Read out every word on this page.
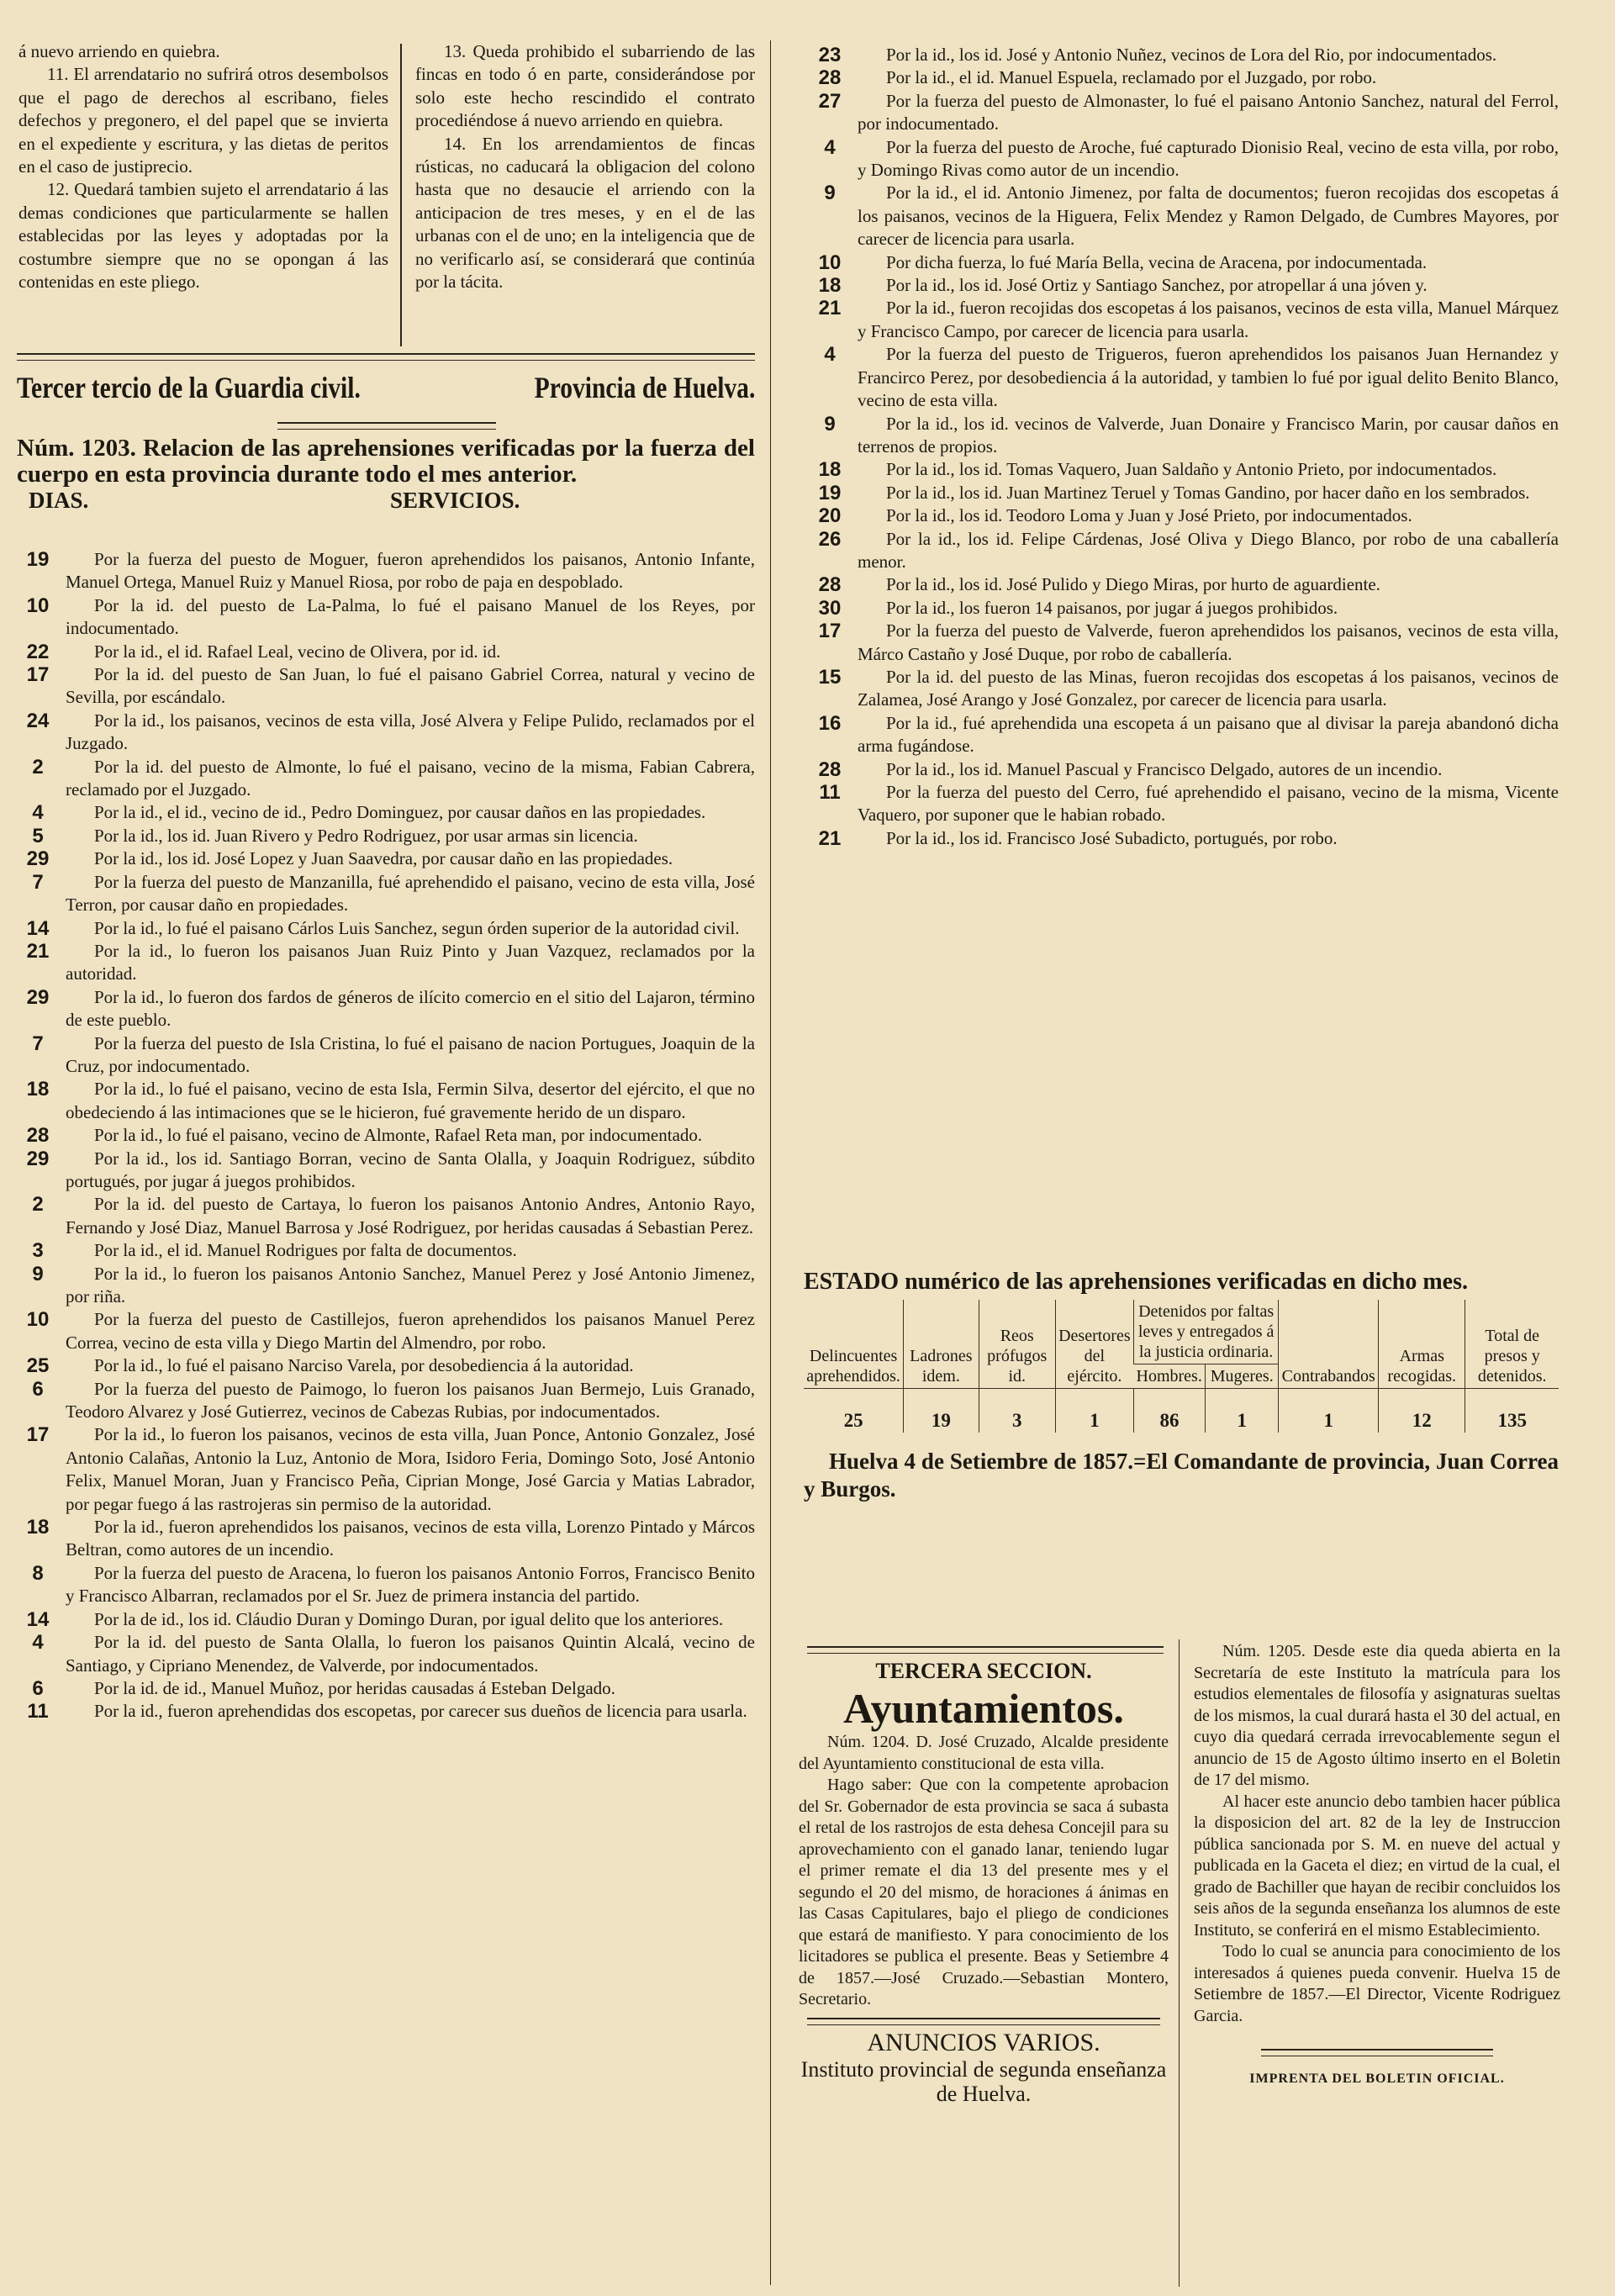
á nuevo arriendo en quiebra.

11. El arrendatario no sufrirá otros desembolsos que el pago de derechos al escribano, fieles defechos y pregonero, el del papel que se invierta en el expediente y escritura, y las dietas de peritos en el caso de justiprecio.

12. Quedará tambien sujeto el arrendatario á las demas condiciones que particularmente se hallen establecidas por las leyes y adoptadas por la costumbre siempre que no se opongan á las contenidas en este pliego.

13. Queda prohibido el subarriendo de las fincas en todo ó en parte, considerándose por solo este hecho rescindido el contrato procediéndose á nuevo arriendo en quiebra.

14. En los arrendamientos de fincas rústicas, no caducará la obligacion del colono hasta que no desaucie el arriendo con la anticipacion de tres meses, y en el de las urbanas con el de uno; en la inteligencia que de no verificarlo así, se considerará que continúa por la tácita.

Tercer tercio de la Guardia civil.	Provincia de Huelva.

Núm. 1203. Relacion de las aprehensiones verificadas por la fuerza del cuerpo en esta provincia durante todo el mes anterior.

DIAS.	SERVICIOS.
19	Por la fuerza del puesto de Moguer, fueron aprehendidos los paisanos, Antonio Infante, Manuel Ortega, Manuel Ruiz y Manuel Riosa, por robo de paja en despoblado.

10	Por la id. del puesto de La-Palma, lo fué el paisano Manuel de los Reyes, por indocumentado.

22	Por la id., el id. Rafael Leal, vecino de Olivera, por id. id.

17	Por la id. del puesto de San Juan, lo fué el paisano Gabriel Correa, natural y vecino de Sevilla, por escándalo.

24	Por la id., los paisanos, vecinos de esta villa, José Alvera y Felipe Pulido, reclamados por el Juzgado.

2	Por la id. del puesto de Almonte, lo fué el paisano, vecino de la misma, Fabian Cabrera, reclamado por el Juzgado.

4	Por la id., el id., vecino de id., Pedro Dominguez, por causar daños en las propiedades.

5	Por la id., los id. Juan Rivero y Pedro Rodriguez, por usar armas sin licencia.

29	Por la id., los id. José Lopez y Juan Saavedra, por causar daño en las propiedades.

7	Por la fuerza del puesto de Manzanilla, fué aprehendido el paisano, vecino de esta villa, José Terron, por causar daño en propiedades.

14	Por la id., lo fué el paisano Cárlos Luis Sanchez, segun órden superior de la autoridad civil.

21	Por la id., lo fueron los paisanos Juan Ruiz Pinto y Juan Vazquez, reclamados por la autoridad.

29	Por la id., lo fueron dos fardos de géneros de ilícito comercio en el sitio del Lajaron, término de este pueblo.

7	Por la fuerza del puesto de Isla Cristina, lo fué el paisano de nacion Portugues, Joaquin de la Cruz, por indocumentado.

18	Por la id., lo fué el paisano, vecino de esta Isla, Fermin Silva, desertor del ejército, el que no obedeciendo á las intimaciones que se le hicieron, fué gravemente herido de un disparo.

28	Por la id., lo fué el paisano, vecino de Almonte, Rafael Reta man, por indocumentado.

29	Por la id., los id. Santiago Borran, vecino de Santa Olalla, y Joaquin Rodriguez, súbdito portugués, por jugar á juegos prohibidos.

2	Por la id. del puesto de Cartaya, lo fueron los paisanos Antonio Andres, Antonio Rayo, Fernando y José Diaz, Manuel Barrosa y José Rodriguez, por heridas causadas á Sebastian Perez.

3	Por la id., el id. Manuel Rodrigues por falta de documentos.

9	Por la id., lo fueron los paisanos Antonio Sanchez, Manuel Perez y José Antonio Jimenez, por riña.

10	Por la fuerza del puesto de Castillejos, fueron aprehendidos los paisanos Manuel Perez Correa, vecino de esta villa y Diego Martin del Almendro, por robo.

25	Por la id., lo fué el paisano Narciso Varela, por desobediencia á la autoridad.

6	Por la fuerza del puesto de Paimogo, lo fueron los paisanos Juan Bermejo, Luis Granado, Teodoro Alvarez y José Gutierrez, vecinos de Cabezas Rubias, por indocumentados.

17	Por la id., lo fueron los paisanos, vecinos de esta villa, Juan Ponce, Antonio Gonzalez, José Antonio Calañas, Antonio la Luz, Antonio de Mora, Isidoro Feria, Domingo Soto, José Antonio Felix, Manuel Moran, Juan y Francisco Peña, Ciprian Monge, José Garcia y Matias Labrador, por pegar fuego á las rastrojeras sin permiso de la autoridad.

18	Por la id., fueron aprehendidos los paisanos, vecinos de esta villa, Lorenzo Pintado y Márcos Beltran, como autores de un incendio.

8	Por la fuerza del puesto de Aracena, lo fueron los paisanos Antonio Forros, Francisco Benito y Francisco Albarran, reclamados por el Sr. Juez de primera instancia del partido.

14	Por la de id., los id. Cláudio Duran y Domingo Duran, por igual delito que los anteriores.

4	Por la id. del puesto de Santa Olalla, lo fueron los paisanos Quintin Alcalá, vecino de Santiago, y Cipriano Menendez, de Valverde, por indocumentados.

6	Por la id. de id., Manuel Muñoz, por heridas causadas á Esteban Delgado.

11	Por la id., fueron aprehendidas dos escopetas, por carecer sus dueños de licencia para usarla.

23	Por la id., los id. José y Antonio Nuñez, vecinos de Lora del Rio, por indocumentados.

28	Por la id., el id. Manuel Espuela, reclamado por el Juzgado, por robo.

27	Por la fuerza del puesto de Almonaster, lo fué el paisano Antonio Sanchez, natural del Ferrol, por indocumentado.

4	Por la fuerza del puesto de Aroche, fué capturado Dionisio Real, vecino de esta villa, por robo, y Domingo Rivas como autor de un incendio.

9	Por la id., el id. Antonio Jimenez, por falta de documentos; fueron recojidas dos escopetas á los paisanos, vecinos de la Higuera, Felix Mendez y Ramon Delgado, de Cumbres Mayores, por carecer de licencia para usarla.

10	Por dicha fuerza, lo fué María Bella, vecina de Aracena, por indocumentada.

18	Por la id., los id. José Ortiz y Santiago Sanchez, por atropellar á una jóven y.

21	Por la id., fueron recojidas dos escopetas á los paisanos, vecinos de esta villa, Manuel Márquez y Francisco Campo, por carecer de licencia para usarla.

4	Por la fuerza del puesto de Trigueros, fueron aprehendidos los paisanos Juan Hernandez y Francirco Perez, por desobediencia á la autoridad, y tambien lo fué por igual delito Benito Blanco, vecino de esta villa.

9	Por la id., los id. vecinos de Valverde, Juan Donaire y Francisco Marin, por causar daños en terrenos de propios.

18	Por la id., los id. Tomas Vaquero, Juan Saldaño y Antonio Prieto, por indocumentados.

19	Por la id., los id. Juan Martinez Teruel y Tomas Gandino, por hacer daño en los sembrados.

20	Por la id., los id. Teodoro Loma y Juan y José Prieto, por indocumentados.

26	Por la id., los id. Felipe Cárdenas, José Oliva y Diego Blanco, por robo de una caballería menor.

28	Por la id., los id. José Pulido y Diego Miras, por hurto de aguardiente.

30	Por la id., los fueron 14 paisanos, por jugar á juegos prohibidos.

17	Por la fuerza del puesto de Valverde, fueron aprehendidos los paisanos, vecinos de esta villa, Márco Castaño y José Duque, por robo de caballería.

15	Por la id. del puesto de las Minas, fueron recojidas dos escopetas á los paisanos, vecinos de Zalamea, José Arango y José Gonzalez, por carecer de licencia para usarla.

16	Por la id., fué aprehendida una escopeta á un paisano que al divisar la pareja abandonó dicha arma fugándose.

28	Por la id., los id. Manuel Pascual y Francisco Delgado, autores de un incendio.

11	Por la fuerza del puesto del Cerro, fué aprehendido el paisano, vecino de la misma, Vicente Vaquero, por suponer que le habian robado.

21	Por la id., los id. Francisco José Subadicto, portugués, por robo.

ESTADO numérico de las aprehensiones verificadas en dicho mes.

Delincuentes aprehendidos.	Ladrones idem.	Reos prófugos id.	Desertores del ejército.	Detenidos por faltas leves y entregados á la justicia ordinaria.		Contrabandos	Armas recogidas.	Total de presos y detenidos.
				Hombres.	Mugeres.			
25	19	3	1	86	1	1	12	135

Huelva 4 de Setiembre de 1857.=El Comandante de provincia, Juan Correa y Burgos.

TERCERA SECCION.

Ayuntamientos.

Núm. 1204. D. José Cruzado, Alcalde presidente del Ayuntamiento constitucional de esta villa.

Hago saber: Que con la competente aprobacion del Sr. Gobernador de esta provincia se saca á subasta el retal de los rastrojos de esta dehesa Concejil para su aprovechamiento con el ganado lanar, teniendo lugar el primer remate el dia 13 del presente mes y el segundo el 20 del mismo, de horaciones á ánimas en las Casas Capitulares, bajo el pliego de condiciones que estará de manifiesto. Y para conocimiento de los licitadores se publica el presente. Beas y Setiembre 4 de 1857.—José Cruzado.—Sebastian Montero, Secretario.

ANUNCIOS VARIOS.

Instituto provincial de segunda enseñanza de Huelva.

Núm. 1205. Desde este dia queda abierta en la Secretaría de este Instituto la matrícula para los estudios elementales de filosofía y asignaturas sueltas de los mismos, la cual durará hasta el 30 del actual, en cuyo dia quedará cerrada irrevocablemente segun el anuncio de 15 de Agosto último inserto en el Boletin de 17 del mismo.

Al hacer este anuncio debo tambien hacer pública la disposicion del art. 82 de la ley de Instruccion pública sancionada por S. M. en nueve del actual y publicada en la Gaceta el diez; en virtud de la cual, el grado de Bachiller que hayan de recibir concluidos los seis años de la segunda enseñanza los alumnos de este Instituto, se conferirá en el mismo Establecimiento.

Todo lo cual se anuncia para conocimiento de los interesados á quienes pueda convenir. Huelva 15 de Setiembre de 1857.—El Director, Vicente Rodriguez Garcia.

IMPRENTA DEL BOLETIN OFICIAL.
